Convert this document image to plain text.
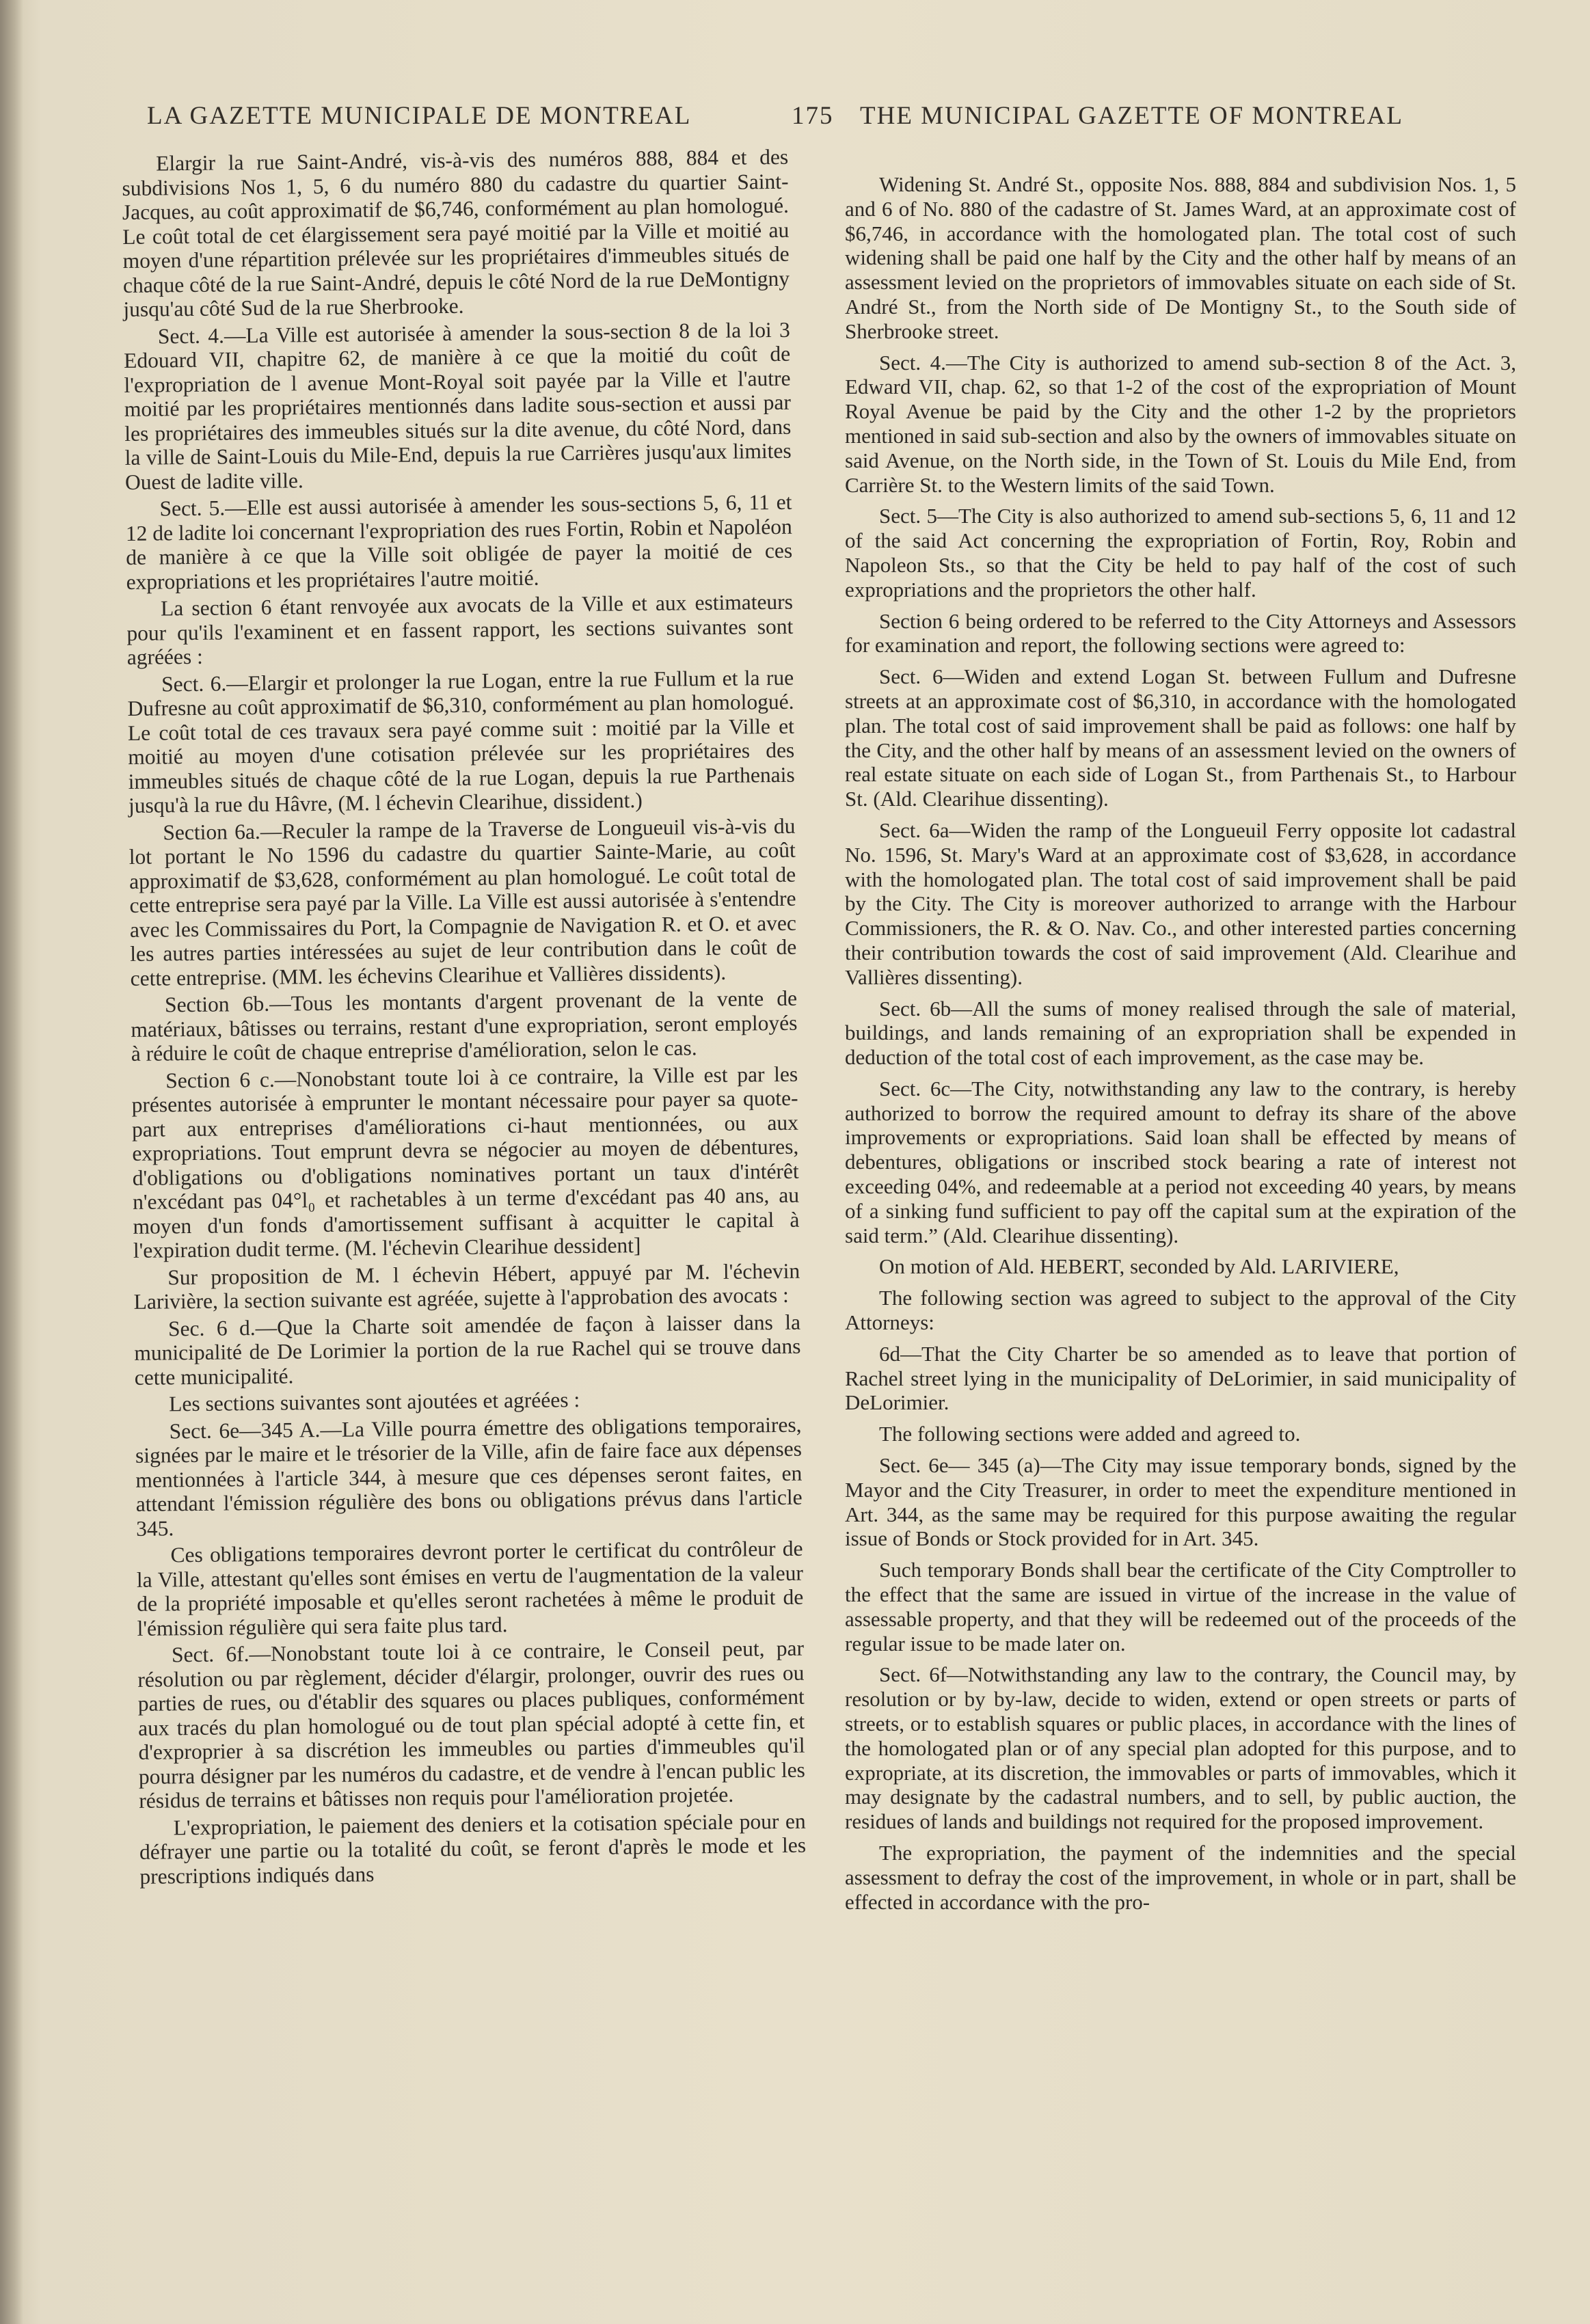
LA GAZETTE MUNICIPALE DE MONTREAL	175 THE MUNICIPAL GAZETTE OF MONTREAL

Elargir la rue Saint-André, vis-à-vis des numéros 888, 884 et des subdivisions Nos 1, 5, 6 du numéro 880 du cadastre du quartier Saint-Jacques, au coût approximatif de $6,746, conformément au plan homologué. Le coût total de cet élargissement sera payé moitié par la Ville et moitié au moyen d'une répartition prélevée sur les propriétaires d'immeubles situés de chaque côté de la rue Saint-André, depuis le côté Nord de la rue DeMontigny jusqu'au côté Sud de la rue Sherbrooke.

Sect. 4.—La Ville est autorisée à amender la sous-section 8 de la loi 3 Edouard VII, chapitre 62, de manière à ce que la moitié du coût de l'expropriation de l avenue Mont-Royal soit payée par la Ville et l'autre moitié par les propriétaires mentionnés dans ladite sous-section et aussi par les propriétaires des immeubles situés sur la dite avenue, du côté Nord, dans la ville de Saint-Louis du Mile-End, depuis la rue Carrières jusqu'aux limites Ouest de ladite ville.

Sect. 5.—Elle est aussi autorisée à amender les sous-sections 5, 6, 11 et 12 de ladite loi concernant l'expropriation des rues Fortin, Robin et Napoléon de manière à ce que la Ville soit obligée de payer la moitié de ces expropriations et les propriétaires l'autre moitié.

La section 6 étant renvoyée aux avocats de la Ville et aux estimateurs pour qu'ils l'examinent et en fassent rapport, les sections suivantes sont agréées :

Sect. 6.—Elargir et prolonger la rue Logan, entre la rue Fullum et la rue Dufresne au coût approximatif de $6,310, conformément au plan homologué. Le coût total de ces travaux sera payé comme suit : moitié par la Ville et moitié au moyen d'une cotisation prélevée sur les propriétaires des immeubles situés de chaque côté de la rue Logan, depuis la rue Parthenais jusqu'à la rue du Hâvre, (M. l échevin Clearihue, dissident.)

Section 6a.—Reculer la rampe de la Traverse de Longueuil vis-à-vis du lot portant le No 1596 du cadastre du quartier Sainte-Marie, au coût approximatif de $3,628, conformément au plan homologué. Le coût total de cette entreprise sera payé par la Ville. La Ville est aussi autorisée à s'entendre avec les Commissaires du Port, la Compagnie de Navigation R. et O. et avec les autres parties intéressées au sujet de leur contribution dans le coût de cette entreprise. (MM. les échevins Clearihue et Vallières dissidents).

Section 6b.—Tous les montants d'argent provenant de la vente de matériaux, bâtisses ou terrains, restant d'une expropriation, seront employés à réduire le coût de chaque entreprise d'amélioration, selon le cas.

Section 6 c.—Nonobstant toute loi à ce contraire, la Ville est par les présentes autorisée à emprunter le montant nécessaire pour payer sa quote-part aux entreprises d'améliorations ci-haut mentionnées, ou aux expropriations. Tout emprunt devra se négocier au moyen de débentures, d'obligations ou d'obligations nominatives portant un taux d'intérêt n'excédant pas 04°l₀ et rachetables à un terme d'excédant pas 40 ans, au moyen d'un fonds d'amortissement suffisant à acquitter le capital à l'expiration dudit terme. (M. l'échevin Clearihue dessident]

Sur proposition de M. l échevin Hébert, appuyé par M. l'échevin Larivière, la section suivante est agréée, sujette à l'approbation des avocats :

Sec. 6 d.—Que la Charte soit amendée de façon à laisser dans la municipalité de De Lorimier la portion de la rue Rachel qui se trouve dans cette municipalité.

Les sections suivantes sont ajoutées et agréées :

Sect. 6e—345 A.—La Ville pourra émettre des obligations temporaires, signées par le maire et le trésorier de la Ville, afin de faire face aux dépenses mentionnées à l'article 344, à mesure que ces dépenses seront faites, en attendant l'émission régulière des bons ou obligations prévus dans l'article 345.

Ces obligations temporaires devront porter le certificat du contrôleur de la Ville, attestant qu'elles sont émises en vertu de l'augmentation de la valeur de la propriété imposable et qu'elles seront rachetées à même le produit de l'émission régulière qui sera faite plus tard.

Sect. 6f.—Nonobstant toute loi à ce contraire, le Conseil peut, par résolution ou par règlement, décider d'élargir, prolonger, ouvrir des rues ou parties de rues, ou d'établir des squares ou places publiques, conformément aux tracés du plan homologué ou de tout plan spécial adopté à cette fin, et d'exproprier à sa discrétion les immeubles ou parties d'immeubles qu'il pourra désigner par les numéros du cadastre, et de vendre à l'encan public les résidus de terrains et bâtisses non requis pour l'amélioration projetée.

L'expropriation, le paiement des deniers et la cotisation spéciale pour en défrayer une partie ou la totalité du coût, se feront d'après le mode et les prescriptions indiqués dans

Widening St. André St., opposite Nos. 888, 884 and subdivision Nos. 1, 5 and 6 of No. 880 of the cadastre of St. James Ward, at an approximate cost of $6,746, in accordance with the homologated plan. The total cost of such widening shall be paid one half by the City and the other half by means of an assessment levied on the proprietors of immovables situate on each side of St. André St., from the North side of De Montigny St., to the South side of Sherbrooke street.

Sect. 4.—The City is authorized to amend sub-section 8 of the Act. 3, Edward VII, chap. 62, so that 1-2 of the cost of the expropriation of Mount Royal Avenue be paid by the City and the other 1-2 by the proprietors mentioned in said sub-section and also by the owners of immovables situate on said Avenue, on the North side, in the Town of St. Louis du Mile End, from Carrière St. to the Western limits of the said Town.

Sect. 5—The City is also authorized to amend sub-sections 5, 6, 11 and 12 of the said Act concerning the expropriation of Fortin, Roy, Robin and Napoleon Sts., so that the City be held to pay half of the cost of such expropriations and the proprietors the other half.

Section 6 being ordered to be referred to the City Attorneys and Assessors for examination and report, the following sections were agreed to:

Sect. 6—Widen and extend Logan St. between Fullum and Dufresne streets at an approximate cost of $6,310, in accordance with the homologated plan. The total cost of said improvement shall be paid as follows: one half by the City, and the other half by means of an assessment levied on the owners of real estate situate on each side of Logan St., from Parthenais St., to Harbour St. (Ald. Clearihue dissenting).

Sect. 6a—Widen the ramp of the Longueuil Ferry opposite lot cadastral No. 1596, St. Mary's Ward at an approximate cost of $3,628, in accordance with the homologated plan. The total cost of said improvement shall be paid by the City. The City is moreover authorized to arrange with the Harbour Commissioners, the R. & O. Nav. Co., and other interested parties concerning their contribution towards the cost of said improvement (Ald. Clearihue and Vallières dissenting).

Sect. 6b—All the sums of money realised through the sale of material, buildings, and lands remaining of an expropriation shall be expended in deduction of the total cost of each improvement, as the case may be.

Sect. 6c—The City, notwithstanding any law to the contrary, is hereby authorized to borrow the required amount to defray its share of the above improvements or expropriations. Said loan shall be effected by means of debentures, obligations or inscribed stock bearing a rate of interest not exceeding 04%, and redeemable at a period not exceeding 40 years, by means of a sinking fund sufficient to pay off the capital sum at the expiration of the said term.” (Ald. Clearihue dissenting).

On motion of Ald. HEBERT, seconded by Ald. LARIVIERE,

The following section was agreed to subject to the approval of the City Attorneys:

6d—That the City Charter be so amended as to leave that portion of Rachel street lying in the municipality of DeLorimier, in said municipality of DeLorimier.

The following sections were added and agreed to.

Sect. 6e— 345 (a)—The City may issue temporary bonds, signed by the Mayor and the City Treasurer, in order to meet the expenditure mentioned in Art. 344, as the same may be required for this purpose awaiting the regular issue of Bonds or Stock provided for in Art. 345.

Such temporary Bonds shall bear the certificate of the City Comptroller to the effect that the same are issued in virtue of the increase in the value of assessable property, and that they will be redeemed out of the proceeds of the regular issue to be made later on.

Sect. 6f—Notwithstanding any law to the contrary, the Council may, by resolution or by by-law, decide to widen, extend or open streets or parts of streets, or to establish squares or public places, in accordance with the lines of the homologated plan or of any special plan adopted for this purpose, and to expropriate, at its discretion, the immovables or parts of immovables, which it may designate by the cadastral numbers, and to sell, by public auction, the residues of lands and buildings not required for the proposed improvement.

The expropriation, the payment of the indemnities and the special assessment to defray the cost of the improvement, in whole or in part, shall be effected in accordance with the pro-
